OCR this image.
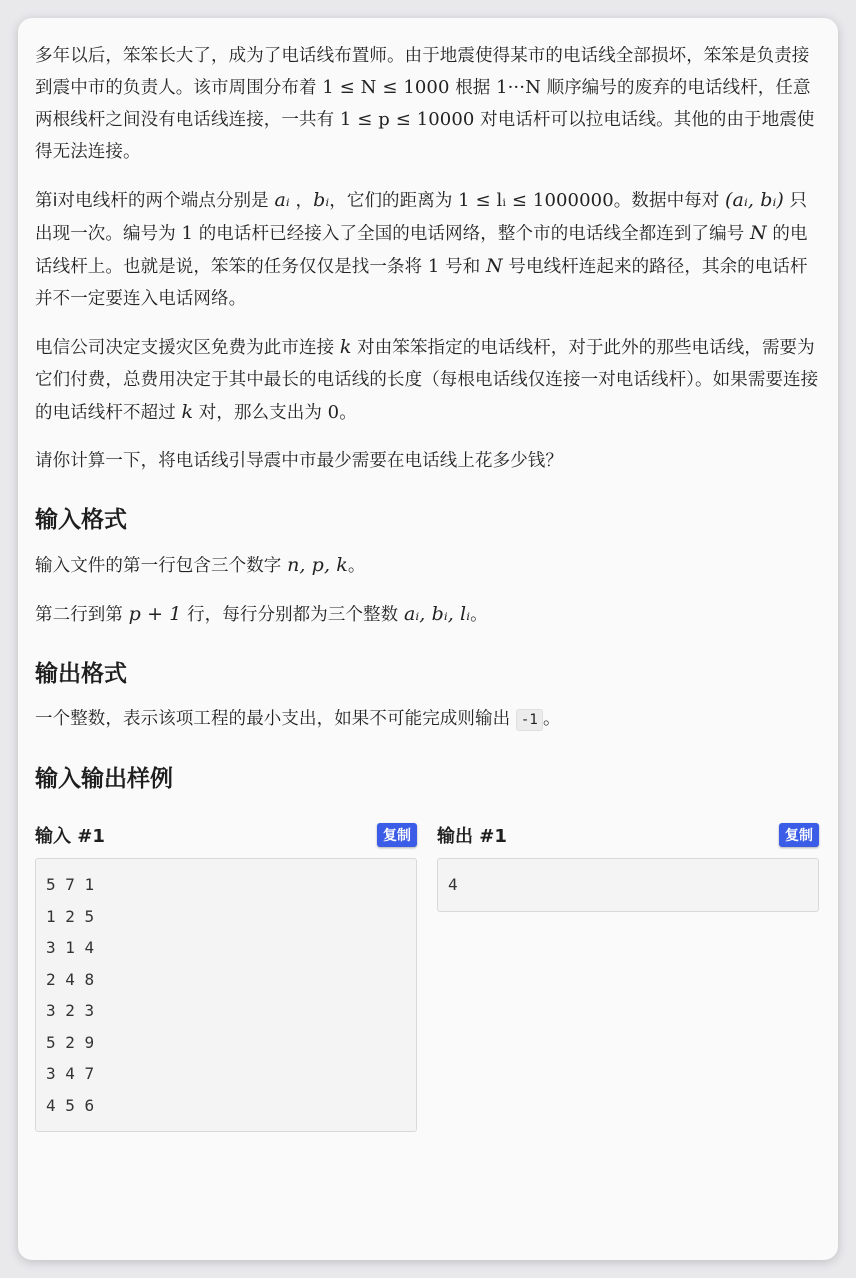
多年以后，笨笨长大了，成为了电话线布置师。由于地震使得某市的电话线全部损坏，笨笨是负责接到震中市的负责人。该市周围分布着 1 ≤ N ≤ 1000 根据 1···N 顺序编号的废弃的电话线杆，任意两根线杆之间没有电话线连接，一共有 1 ≤ p ≤ 10000 对电话杆可以拉电话线。其他的由于地震使得无法连接。

第i对电线杆的两个端点分别是 aᵢ ，bᵢ，它们的距离为 1 ≤ lᵢ ≤ 1000000。数据中每对 (aᵢ, bᵢ) 只出现一次。编号为 1 的电话杆已经接入了全国的电话网络，整个市的电话线全都连到了编号 N 的电话线杆上。也就是说，笨笨的任务仅仅是找一条将 1 号和 N 号电线杆连起来的路径，其余的电话杆并不一定要连入电话网络。

电信公司决定支援灾区免费为此市连接 k 对由笨笨指定的电话线杆，对于此外的那些电话线，需要为它们付费，总费用决定于其中最长的电话线的长度（每根电话线仅连接一对电话线杆）。如果需要连接的电话线杆不超过 k 对，那么支出为 0。

请你计算一下，将电话线引导震中市最少需要在电话线上花多少钱？

输入格式

输入文件的第一行包含三个数字 n, p, k。

第二行到第 p + 1 行，每行分别都为三个整数 aᵢ, bᵢ, lᵢ。

输出格式

一个整数，表示该项工程的最小支出，如果不可能完成则输出 -1 。

输入输出样例
输入 #1	复制
5 7 1
1 2 5
3 1 4
2 4 8
3 2 3
5 2 9
3 4 7
4 5 6
输出 #1	复制
4
